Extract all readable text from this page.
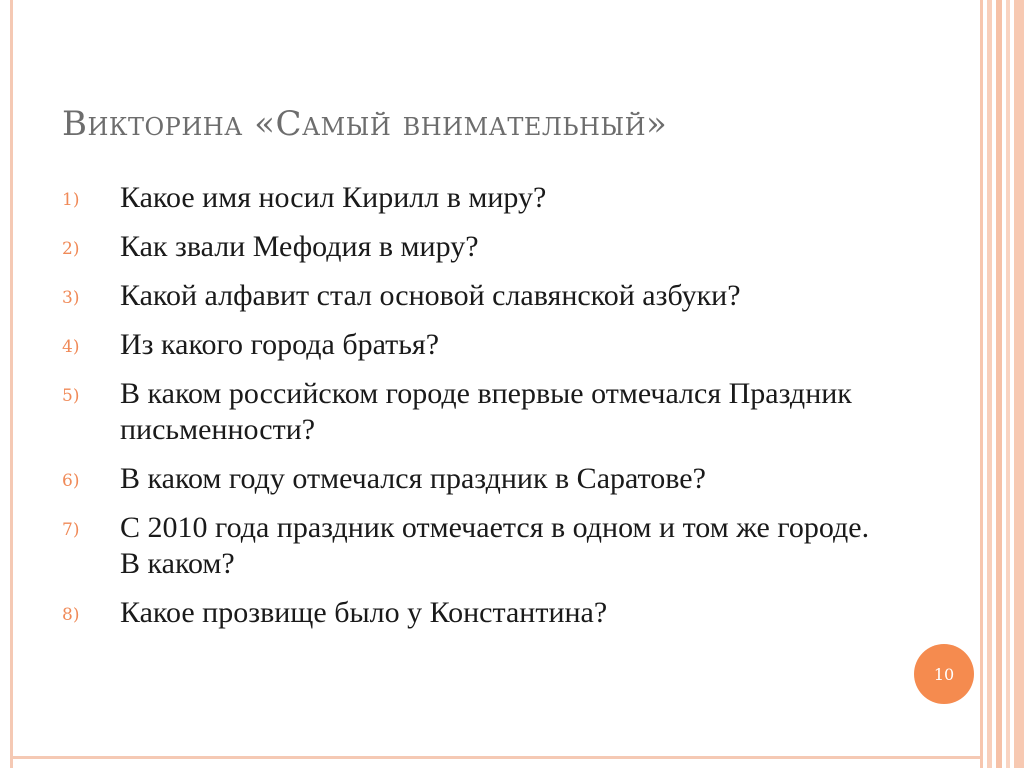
Викторина «Самый внимательный»
1)	Какое имя носил Кирилл в миру?
2)	Как звали Мефодия в миру?
3)	Какой алфавит стал основой славянской азбуки?
4)	Из какого города братья?
5)	В каком российском городе впервые отмечался Праздник письменности?
6)	В каком году отмечался праздник в Саратове?
7)	С 2010 года праздник отмечается в одном и том же городе. В каком?
8)	Какое прозвище было у Константина?
10
